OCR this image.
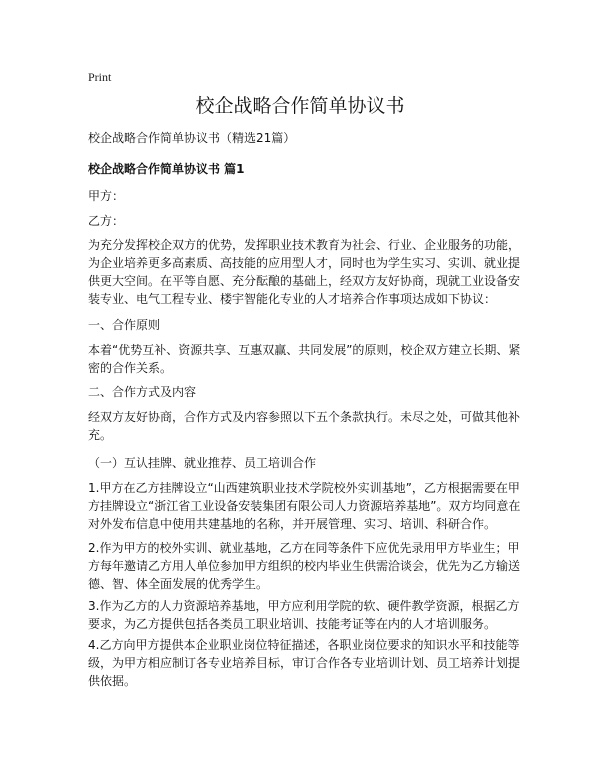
Print
校企战略合作简单协议书

校企战略合作简单协议书（精选21篇）

校企战略合作简单协议书 篇1

甲方：

乙方：

为充分发挥校企双方的优势，发挥职业技术教育为社会、行业、企业服务的功能，
为企业培养更多高素质、高技能的应用型人才，同时也为学生实习、实训、就业提
供更大空间。在平等自愿、充分酝酿的基础上，经双方友好协商，现就工业设备安
装专业、电气工程专业、楼宇智能化专业的人才培养合作事项达成如下协议：

一、合作原则

本着“优势互补、资源共享、互惠双赢、共同发展”的原则，校企双方建立长期、紧
密的合作关系。

二、合作方式及内容

经双方友好协商，合作方式及内容参照以下五个条款执行。未尽之处，可做其他补
充。

（一）互认挂牌、就业推荐、员工培训合作

1.甲方在乙方挂牌设立“山西建筑职业技术学院校外实训基地”，乙方根据需要在甲
方挂牌设立“浙江省工业设备安装集团有限公司人力资源培养基地”。双方均同意在
对外发布信息中使用共建基地的名称，并开展管理、实习、培训、科研合作。
2.作为甲方的校外实训、就业基地，乙方在同等条件下应优先录用甲方毕业生；甲
方每年邀请乙方用人单位参加甲方组织的校内毕业生供需洽谈会，优先为乙方输送
德、智、体全面发展的优秀学生。
3.作为乙方的人力资源培养基地，甲方应利用学院的软、硬件教学资源，根据乙方
要求，为乙方提供包括各类员工职业培训、技能考证等在内的人才培训服务。
4.乙方向甲方提供本企业职业岗位特征描述，各职业岗位要求的知识水平和技能等
级，为甲方相应制订各专业培养目标，审订合作各专业培训计划、员工培养计划提
供依据。
